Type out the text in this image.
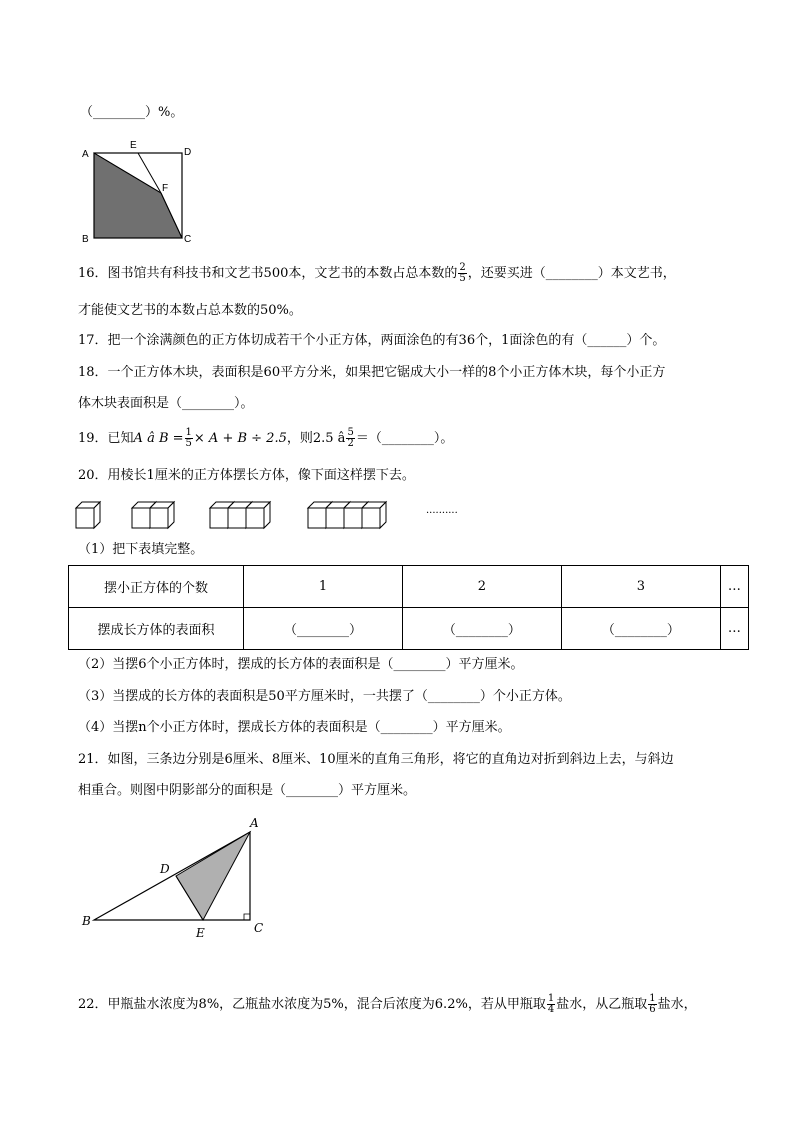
（________）%。
A
E
D
F
B	C
16．图书馆共有科技书和文艺书500本，文艺书的本数占总本数的 $\frac{2}{5}$ ，还要买进（________）本文艺书，
才能使文艺书的本数占总本数的50%。
17．把一个涂满颜色的正方体切成若干个小正方体，两面涂色的有36个，1面涂色的有（______）个。
18．一个正方体木块，表面积是60平方分米，如果把它锯成大小一样的8个小正方体木块，每个小正方
体木块表面积是（________）。
19．已知A â $B = \frac{1}{5} \times A + B \div 2.5$，则2.5 â $\frac{5}{2}$ ＝（________）。
20．用棱长1厘米的正方体摆长方体，像下面这样摆下去。
··········
（1）把下表填完整。
摆小正方体的个数	1	2	3	…
摆成长方体的表面积	（________）	（________）	（________）	…
（2）当摆6个小正方体时，摆成的长方体的表面积是（________）平方厘米。
（3）当摆成的长方体的表面积是50平方厘米时，一共摆了（________）个小正方体。
（4）当摆n个小正方体时，摆成长方体的表面积是（________）平方厘米。
21．如图，三条边分别是6厘米、8厘米、10厘米的直角三角形，将它的直角边对折到斜边上去，与斜边
相重合。则图中阴影部分的面积是（________）平方厘米。
A
D
B
E	C
22．甲瓶盐水浓度为8%，乙瓶盐水浓度为5%，混合后浓度为6.2%，若从甲瓶取 $\frac{1}{4}$ 盐水，从乙瓶取 $\frac{1}{6}$ 盐水，
